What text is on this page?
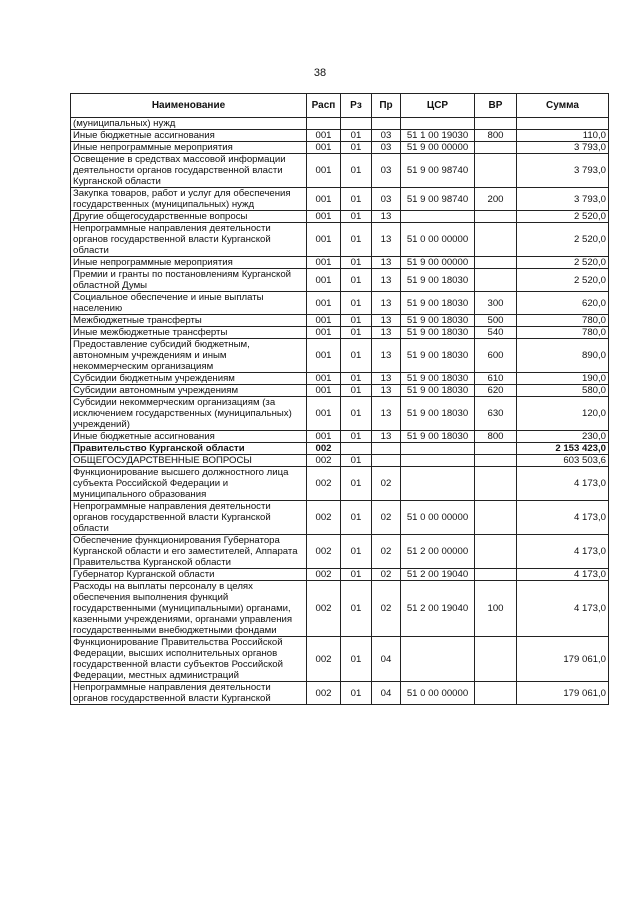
38
Наименование	Расп	Рз	Пр	ЦСР	ВР	Сумма
(муниципальных) нужд						
Иные бюджетные ассигнования	001	01	03	51 1 00 19030	800	110,0
Иные непрограммные мероприятия	001	01	03	51 9 00 00000		3 793,0
Освещение в средствах массовой информации деятельности органов государственной власти Курганской области	001	01	03	51 9 00 98740		3 793,0
Закупка товаров, работ и услуг для обеспечения государственных (муниципальных) нужд	001	01	03	51 9 00 98740	200	3 793,0
Другие общегосударственные вопросы	001	01	13			2 520,0
Непрограммные направления деятельности органов государственной власти Курганской области	001	01	13	51 0 00 00000		2 520,0
Иные непрограммные мероприятия	001	01	13	51 9 00 00000		2 520,0
Премии и гранты по постановлениям Курганской областной Думы	001	01	13	51 9 00 18030		2 520,0
Социальное обеспечение и иные выплаты населению	001	01	13	51 9 00 18030	300	620,0
Межбюджетные трансферты	001	01	13	51 9 00 18030	500	780,0
Иные межбюджетные трансферты	001	01	13	51 9 00 18030	540	780,0
Предоставление субсидий бюджетным, автономным учреждениям и иным некоммерческим организациям	001	01	13	51 9 00 18030	600	890,0
Субсидии бюджетным учреждениям	001	01	13	51 9 00 18030	610	190,0
Субсидии автономным учреждениям	001	01	13	51 9 00 18030	620	580,0
Субсидии некоммерческим организациям (за исключением государственных (муниципальных) учреждений)	001	01	13	51 9 00 18030	630	120,0
Иные бюджетные ассигнования	001	01	13	51 9 00 18030	800	230,0
Правительство Курганской области	002					2 153 423,0
ОБЩЕГОСУДАРСТВЕННЫЕ ВОПРОСЫ	002	01				603 503,6
Функционирование высшего должностного лица субъекта Российской Федерации и муниципального образования	002	01	02			4 173,0
Непрограммные направления деятельности органов государственной власти Курганской области	002	01	02	51 0 00 00000		4 173,0
Обеспечение функционирования Губернатора Курганской области и его заместителей, Аппарата Правительства Курганской области	002	01	02	51 2 00 00000		4 173,0
Губернатор Курганской области	002	01	02	51 2 00 19040		4 173,0
Расходы на выплаты персоналу в целях обеспечения выполнения функций государственными (муниципальными) органами, казенными учреждениями, органами управления государственными внебюджетными фондами	002	01	02	51 2 00 19040	100	4 173,0
Функционирование Правительства Российской Федерации, высших исполнительных органов государственной власти субъектов Российской Федерации, местных администраций	002	01	04			179 061,0
Непрограммные направления деятельности органов государственной власти Курганской	002	01	04	51 0 00 00000		179 061,0
